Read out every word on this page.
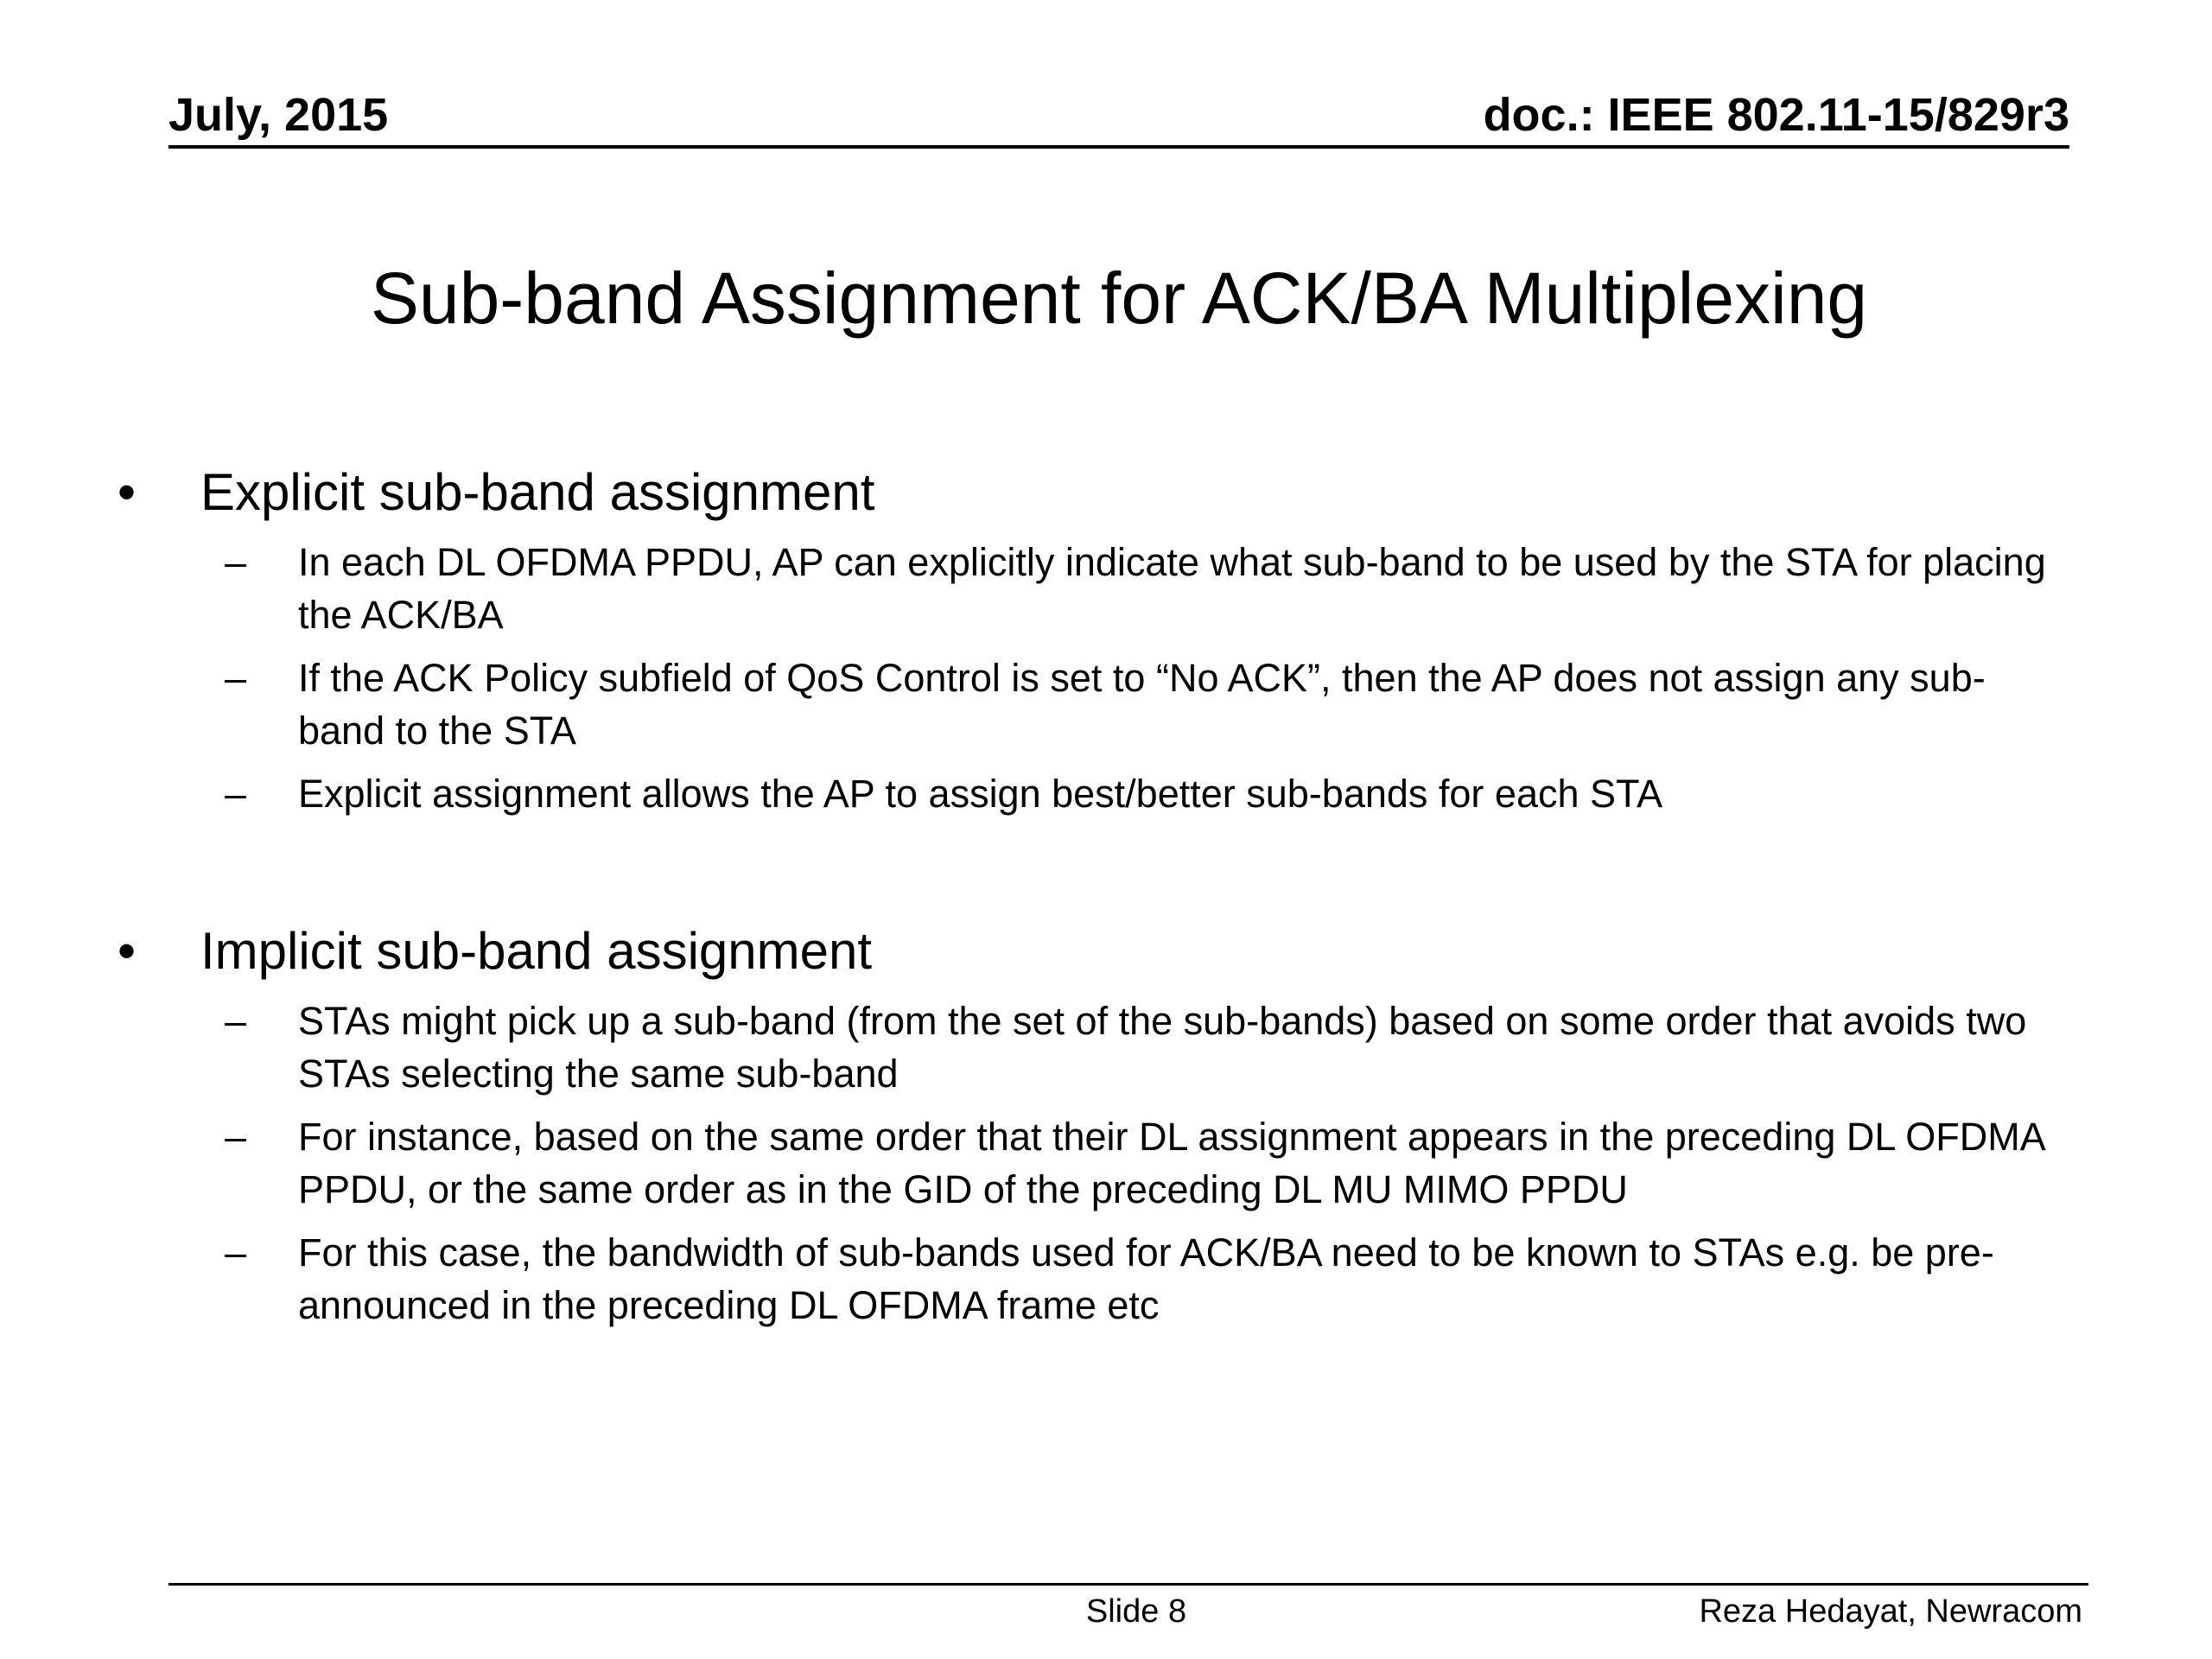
July, 2015	doc.: IEEE 802.11-15/829r3
Sub-band Assignment for ACK/BA Multiplexing
• Explicit sub-band assignment
– In each DL OFDMA PPDU, AP can explicitly indicate what sub-band to be used by the STA for placing the ACK/BA
– If the ACK Policy subfield of QoS Control is set to “No ACK”, then the AP does not assign any sub-band to the STA
– Explicit assignment allows the AP to assign best/better sub-bands for each STA
• Implicit sub-band assignment
– STAs might pick up a sub-band (from the set of the sub-bands) based on some order that avoids two STAs selecting the same sub-band
– For instance, based on the same order that their DL assignment appears in the preceding DL OFDMA PPDU, or the same order as in the GID of the preceding DL MU MIMO PPDU
– For this case, the bandwidth of sub-bands used for ACK/BA need to be known to STAs e.g. be pre-announced in the preceding DL OFDMA frame etc
Slide 8	Reza Hedayat, Newracom
